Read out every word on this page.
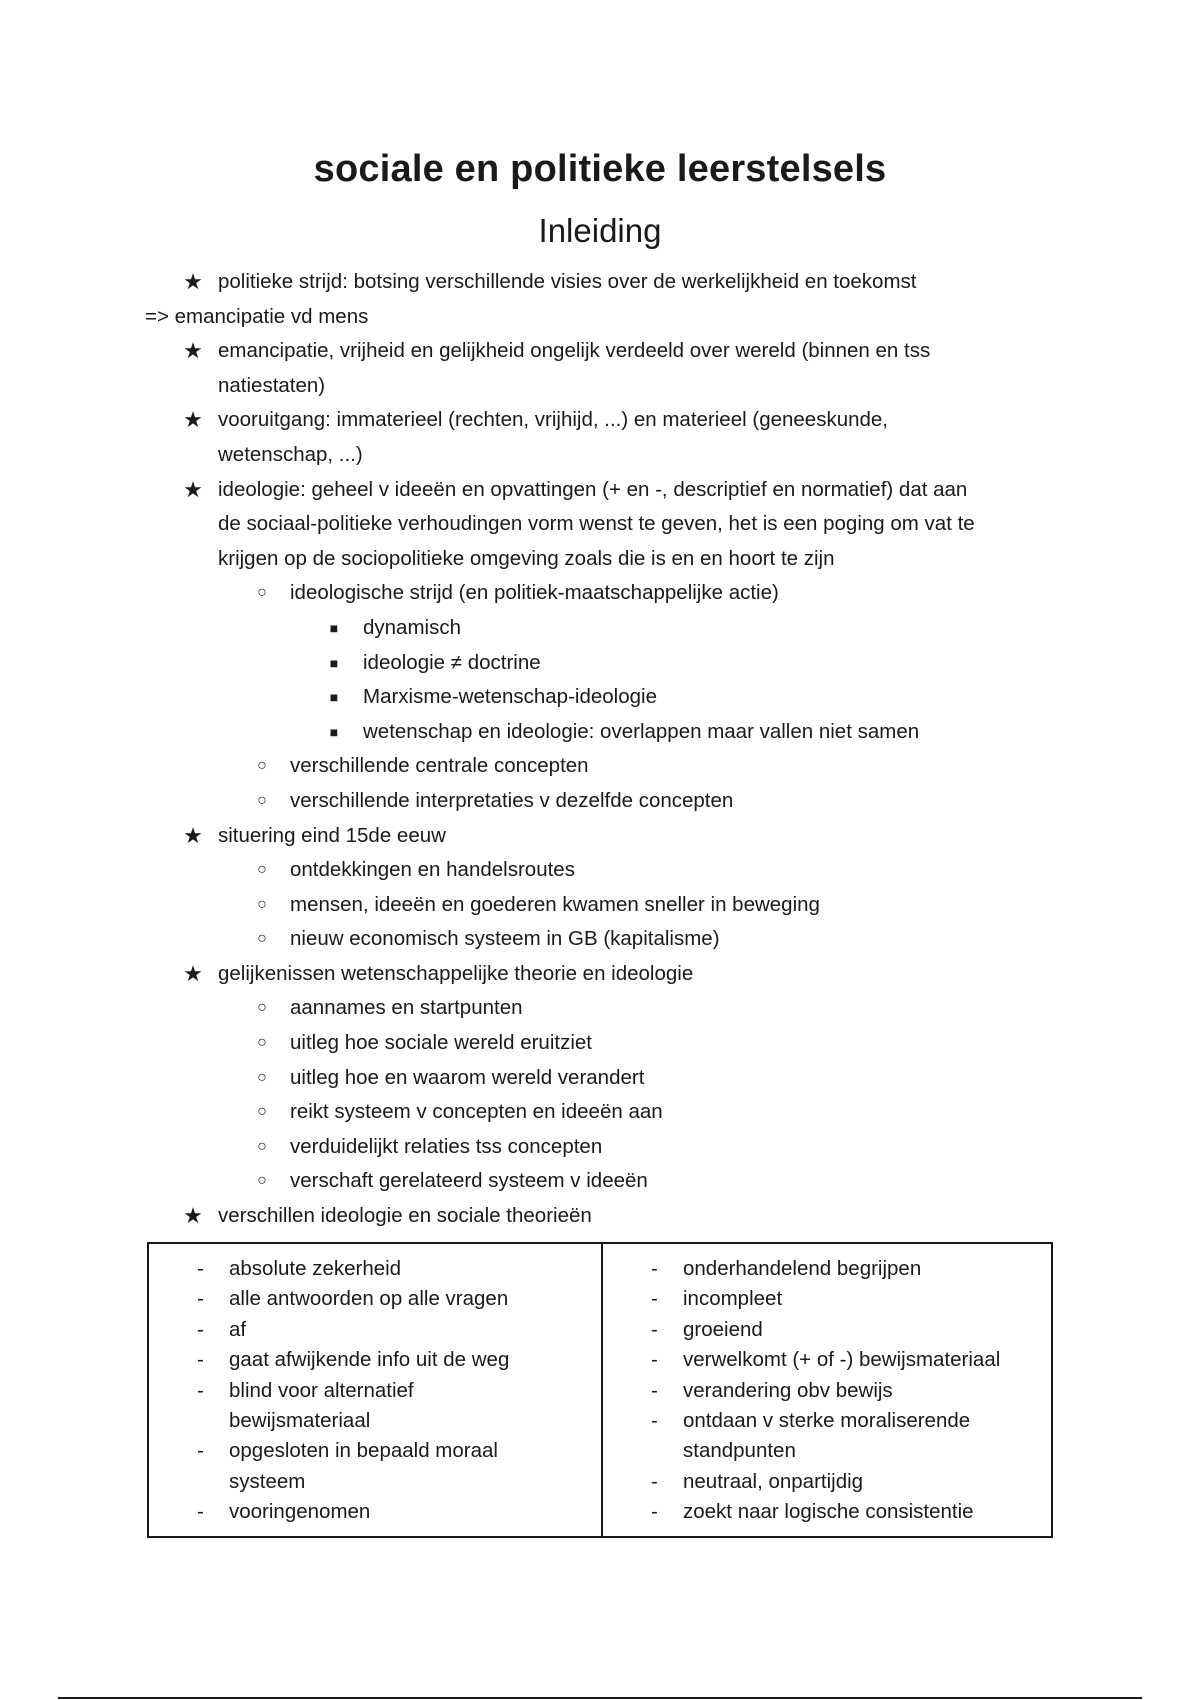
sociale en politieke leerstelsels
Inleiding
★ politieke strijd: botsing verschillende visies over de werkelijkheid en toekomst
=> emancipatie vd mens
★ emancipatie, vrijheid en gelijkheid ongelijk verdeeld over wereld (binnen en tss
natiestaten)
★ vooruitgang: immaterieel (rechten, vrijhijd, ...) en materieel (geneeskunde,
wetenschap, ...)
★ ideologie: geheel v ideeën en opvattingen (+ en -, descriptief en normatief) dat aan
de sociaal-politieke verhoudingen vorm wenst te geven, het is een poging om vat te
krijgen op de sociopolitieke omgeving zoals die is en en hoort te zijn
○ ideologische strijd (en politiek-maatschappelijke actie)
■ dynamisch
■ ideologie ≠ doctrine
■ Marxisme-wetenschap-ideologie
■ wetenschap en ideologie: overlappen maar vallen niet samen
○ verschillende centrale concepten
○ verschillende interpretaties v dezelfde concepten
★ situering eind 15de eeuw
○ ontdekkingen en handelsroutes
○ mensen, ideeën en goederen kwamen sneller in beweging
○ nieuw economisch systeem in GB (kapitalisme)
★ gelijkenissen wetenschappelijke theorie en ideologie
○ aannames en startpunten
○ uitleg hoe sociale wereld eruitziet
○ uitleg hoe en waarom wereld verandert
○ reikt systeem v concepten en ideeën aan
○ verduidelijkt relaties tss concepten
○ verschaft gerelateerd systeem v ideeën
★ verschillen ideologie en sociale theorieën
- absolute zekerheid
- alle antwoorden op alle vragen
- af
- gaat afwijkende info uit de weg
- blind voor alternatief
bewijsmateriaal
- opgesloten in bepaald moraal
systeem
- vooringenomen
- onderhandelend begrijpen
- incompleet
- groeiend
- verwelkomt (+ of -) bewijsmateriaal
- verandering obv bewijs
- ontdaan v sterke moraliserende
standpunten
- neutraal, onpartijdig
- zoekt naar logische consistentie
